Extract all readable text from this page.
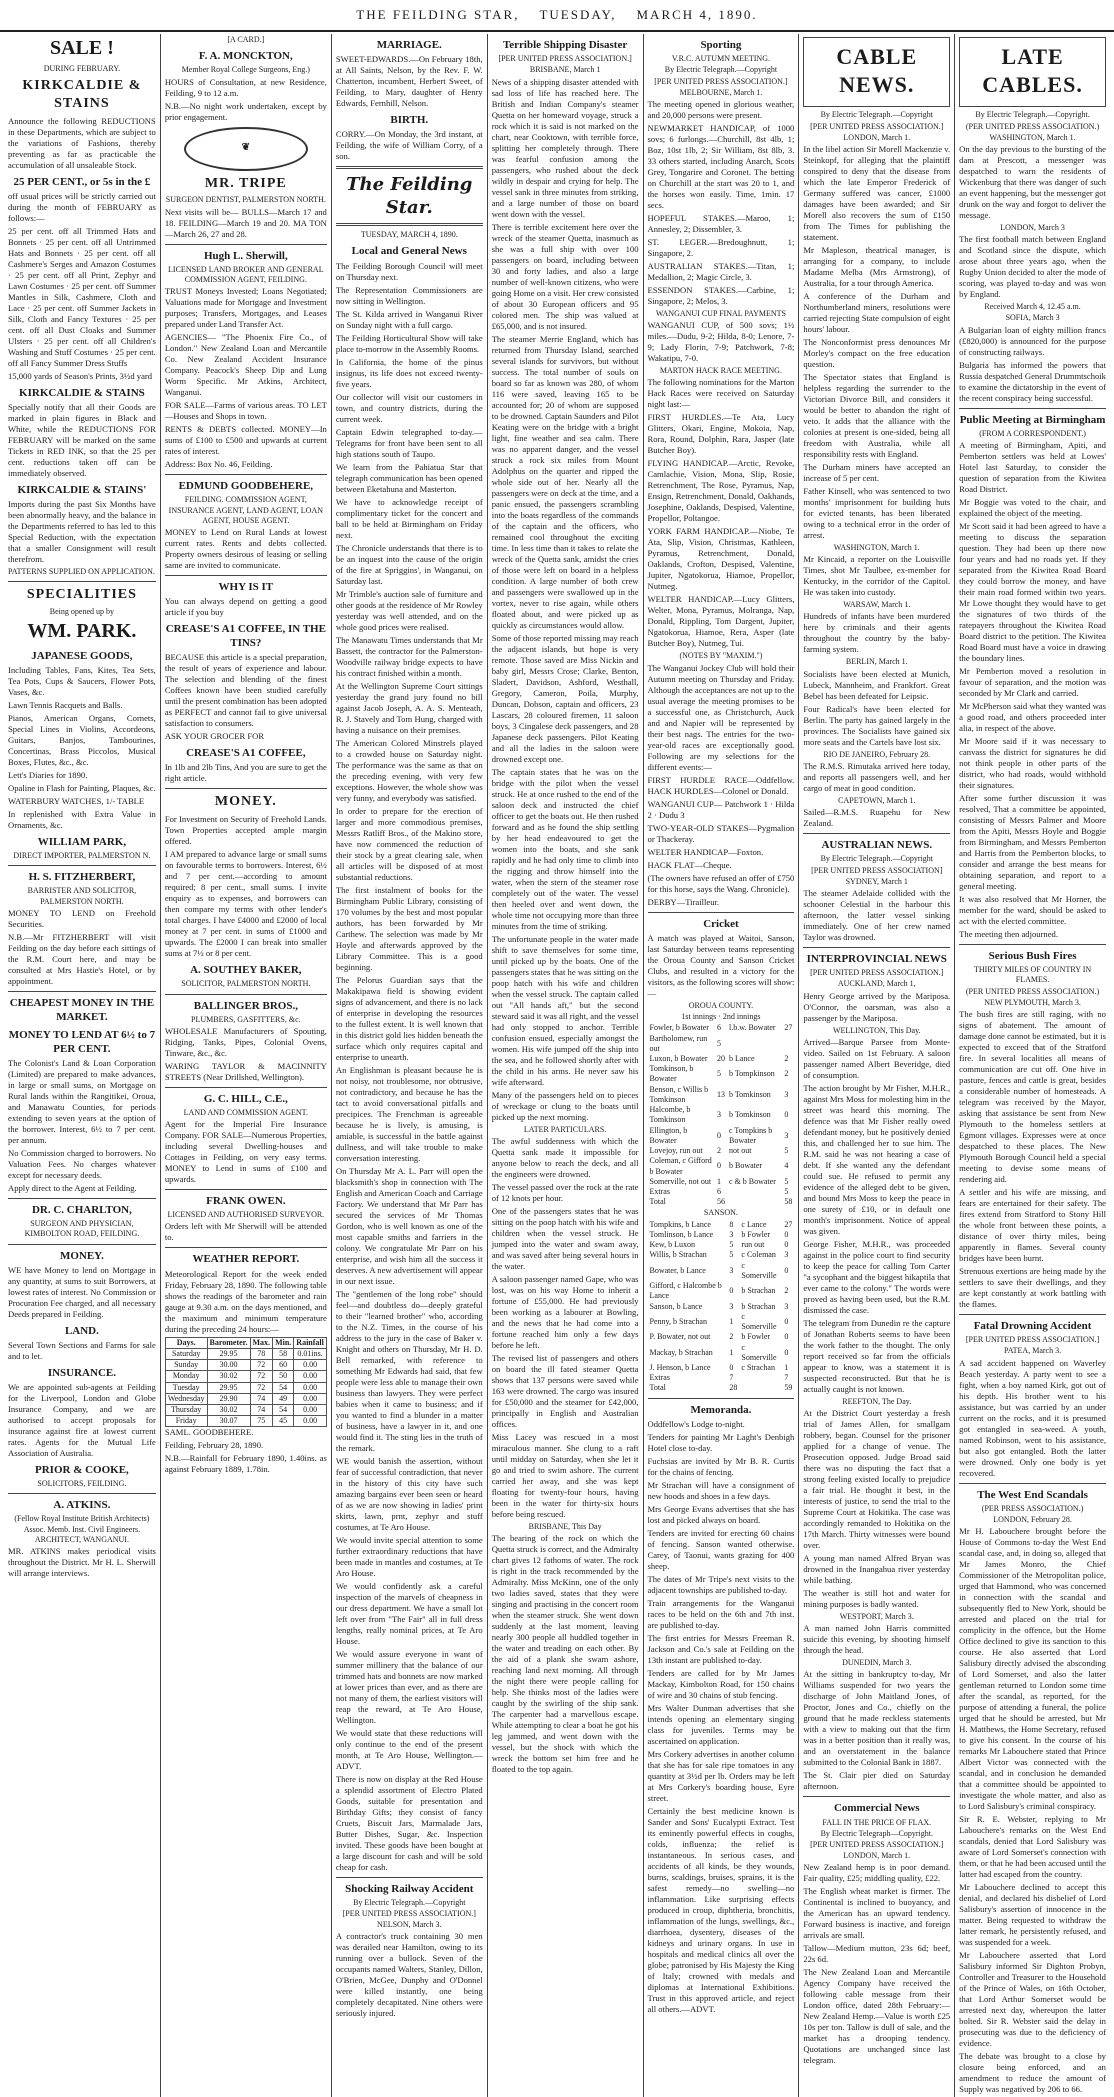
THE FEILDING STAR, TUESDAY, MARCH 4, 1890.
SALE !
DURING FEBRUARY.
KIRKCALDIE & STAINS

Announce the following REDUCTIONS in these Departments, which are subject to the variations of Fashions, thereby preventing as far as practicable the accumulation of all unsaleable Stock.

25 PER CENT., or 5s in the £

off usual prices will be strictly carried out during the month of FEBRUARY as follows:—

25 per cent. off all Trimmed Hats and Bonnets · 25 per cent. off all Untrimmed Hats and Bonnets · 25 per cent. off all Cashmere's Serges and Amazon Costumes · 25 per cent. off all Print, Zephyr and Lawn Costumes · 25 per cent. off Summer Mantles in Silk, Cashmere, Cloth and Lace · 25 per cent. off Summer Jackets in Silk, Cloth and Fancy Textures · 25 per cent. off all Dust Cloaks and Summer Ulsters · 25 per cent. off all Children's Washing and Stuff Costumes · 25 per cent. off all Fancy Summer Dress Stuffs

15,000 yards of Season's Prints, 3½d yard

KIRKCALDIE & STAINS

Specially notify that all their Goods are marked in plain figures in Black and White, while the REDUCTIONS FOR FEBRUARY will be marked on the same Tickets in RED INK, so that the 25 per cent. reductions taken off can be immediately observed.

KIRKCALDIE & STAINS'

Imports during the past Six Months have been abnormally heavy, and the balance in the Departments referred to has led to this Special Reduction, with the expectation that a smaller Consignment will result therefrom.

PATTERNS SUPPLIED ON APPLICATION.

SPECIALITIES
Being opened up by
WM. PARK.
JAPANESE GOODS,

Including Tables, Fans, Kites, Tea Sets, Tea Pots, Cups & Saucers, Flower Pots, Vases, &c.

Lawn Tennis Racquets and Balls.

Pianos, American Organs, Cornets, Special Lines in Violins, Accordeons, Guitars, Banjos, Tambourines, Concertinas, Brass Piccolos, Musical Boxes, Flutes, &c., &c.

Lett's Diaries for 1890.

Opaline in Flash for Painting, Plaques, &c.

WATERBURY WATCHES, 1/- TABLE

In replenished with Extra Value in Ornaments, &c.

WILLIAM PARK,
DIRECT IMPORTER, PALMERSTON N.
H. S. FITZHERBERT,
BARRISTER AND SOLICITOR, PALMERSTON NORTH.

MONEY TO LEND on Freehold Securities.

N.B.—Mr FITZHERBERT will visit Feilding on the day before each sittings of the R.M. Court here, and may be consulted at Mrs Hastie's Hotel, or by appointment.

CHEAPEST MONEY IN THE MARKET.
MONEY TO LEND AT 6½ to 7 PER CENT.

The Colonist's Land & Loan Corporation (Limited) are prepared to make advances, in large or small sums, on Mortgage on Rural lands within the Rangitikei, Oroua, and Manawatu Counties, for periods extending to seven years at the option of the borrower. Interest, 6½ to 7 per cent. per annum.

No Commission charged to borrowers. No Valuation Fees. No charges whatever except for necessary deeds.

Apply direct to the Agent at Feilding.

DR. C. CHARLTON,
SURGEON AND PHYSICIAN, KIMBOLTON ROAD, FEILDING.
MONEY.

WE have Money to lend on Mortgage in any quantity, at sums to suit Borrowers, at lowest rates of interest. No Commission or Procuration Fee charged, and all necessary Deeds prepared in Feilding.

LAND.

Several Town Sections and Farms for sale and to let.

INSURANCE.

We are appointed sub-agents at Feilding for the Liverpool, London and Globe Insurance Company, and we are authorised to accept proposals for insurance against fire at lowest current rates. Agents for the Mutual Life Association of Australia.

PRIOR & COOKE,
SOLICITORS, FEILDING.
A. ATKINS.
(Fellow Royal Institute British Architects) Assoc. Memb. Inst. Civil Engineers. ARCHITECT, WANGANUI.

MR. ATKINS makes periodical visits throughout the District. Mr H. L. Sherwill will arrange interviews.

[A CARD.]
F. A. MONCKTON,
Member Royal College Surgeons, Eng.)

HOURS of Consultation, at new Residence, Feilding, 9 to 12 a.m.

N.B.—No night work undertaken, except by prior engagement.

❦
MR. TRIPE
SURGEON DENTIST, PALMERSTON NORTH.

Next visits will be— BULLS—March 17 and 18. FEILDING—March 19 and 20. MA TON—March 26, 27 and 28.

Hugh L. Sherwill,
LICENSED LAND BROKER AND GENERAL COMMISSION AGENT, FEILDING.

TRUST Moneys Invested; Loans Negotiated; Valuations made for Mortgage and Investment purposes; Transfers, Mortgages, and Leases prepared under Land Transfer Act.

AGENCIES— "The Phoenix Fire Co., of London." New Zealand Loan and Mercantile Co. New Zealand Accident Insurance Company. Peacock's Sheep Dip and Lung Worm Specific. Mr Atkins, Architect, Wanganui.

FOR SALE—Farms of various areas. TO LET—Houses and Shops in town.

RENTS & DEBTS collected. MONEY—In sums of £100 to £500 and upwards at current rates of interest.

Address: Box No. 46, Feilding.

EDMUND GOODBEHERE,
FEILDING. COMMISSION AGENT, INSURANCE AGENT, LAND AGENT, LOAN AGENT, HOUSE AGENT.

MONEY to Lend on Rural Lands at lowest current rates. Rents and debts collected. Property owners desirous of leasing or selling same are invited to communicate.

WHY IS IT

You can always depend on getting a good article if you buy

CREASE'S A1 COFFEE, IN THE TINS?

BECAUSE this article is a special preparation, the result of years of experience and labour. The selection and blending of the finest Coffees known have been studied carefully until the present combination has been adopted as PERFECT and cannot fail to give universal satisfaction to consumers.

ASK YOUR GROCER FOR

CREASE'S A1 COFFEE,

In 1lb and 2lb Tins, And you are sure to get the right article.

MONEY.

For Investment on Security of Freehold Lands. Town Properties accepted ample margin offered.

I AM prepared to advance large or small sums on favourable terms to borrowers. Interest, 6½ and 7 per cent.—according to amount required; 8 per cent., small sums. I invite enquiry as to expenses, and borrowers can then compare my terms with other lender's total charges. I have £4000 and £2000 of local money at 7 per cent. in sums of £1000 and upwards. The £2000 I can break into smaller sums at 7½ or 8 per cent.

A. SOUTHEY BAKER,
SOLICITOR, PALMERSTON NORTH.
BALLINGER BROS.,
PLUMBERS, GASFITTERS, &c.

WHOLESALE Manufacturers of Spouting, Ridging, Tanks, Pipes, Colonial Ovens, Tinware, &c., &c.

WARING TAYLOR & MACINNITY STREETS (Near Drillshed, Wellington).

G. C. HILL, C.E.,
LAND AND COMMISSION AGENT.

Agent for the Imperial Fire Insurance Company. FOR SALE—Numerous Properties, including several Dwelling-houses and Cottages in Feilding, on very easy terms. MONEY to Lend in sums of £100 and upwards.

FRANK OWEN.
LICENSED AND AUTHORISED SURVEYOR.

Orders left with Mr Sherwill will be attended to.

WEATHER REPORT.

Meteorological Report for the week ended Friday, February 28, 1890. The following table shows the readings of the barometer and rain gauge at 9.30 a.m. on the days mentioned, and the maximum and minimum temperature during the preceding 24 hours:—

Days.	Barometer.	Max.	Min.	Rainfall
Saturday	29.95	78	58	0.01ins.
Sunday	30.00	72	60	0.00
Monday	30.02	72	50	0.00
Tuesday	29.95	72	54	0.00
Wednesday	29.90	74	49	0.00
Thursday	30.02	74	54	0.00
Friday	30.07	75	45	0.00

SAML. GOODBEHERE.

Feilding, February 28, 1890.

N.B.—Rainfall for February 1890, 1.40ins. as against February 1889, 1.78in.

MARRIAGE.

SWEET-EDWARDS.—On February 18th, at All Saints, Nelson, by the Rev. F. W. Chatterton, incumbent, Herbert Sweet, of Feilding, to Mary, daughter of Henry Edwards, Fernhill, Nelson.

BIRTH.

CORRY.—On Monday, the 3rd instant, at Feilding, the wife of William Corry, of a son.

The Feilding Star.
TUESDAY, MARCH 4, 1890.
Local and General News

The Feilding Borough Council will meet on Thursday next.

The Representation Commissioners are now sitting in Wellington.

The St. Kilda arrived in Wanganui River on Sunday night with a full cargo.

The Feilding Horticultural Show will take place to-morrow in the Assembly Rooms.

In California, the home of the pinus insignus, its life does not exceed twenty-five years.

Our collector will visit our customers in town, and country districts, during the current week.

Captain Edwin telegraphed to-day.—Telegrams for front have been sent to all high stations south of Taupo.

We learn from the Pahiatua Star that telegraph communication has been opened between Eketahuna and Masterton.

We have to acknowledge receipt of complimentary ticket for the concert and ball to be held at Birmingham on Friday next.

The Chronicle understands that there is to be an inquest into the cause of the origin of the fire at Spriggins', in Wanganui, on Saturday last.

Mr Trimble's auction sale of furniture and other goods at the residence of Mr Rowley yesterday was well attended, and on the whole good prices were realised.

The Manawatu Times understands that Mr Bassett, the contractor for the Palmerston-Woodville railway bridge expects to have his contract finished within a month.

At the Wellington Supreme Court sittings yesterday the grand jury found no bill against Jacob Joseph, A. A. S. Menteath, R. J. Stavely and Tom Hung, charged with having a nuisance on their premises.

The American Colored Minstrels played to a crowded house on Saturday night. The performance was the same as that on the preceding evening, with very few exceptions. However, the whole show was very funny, and everybody was satisfied.

In order to prepare for the erection of larger and more commodious premises, Messrs Ratliff Bros., of the Makino store, have now commenced the reduction of their stock by a great clearing sale, when all articles will be disposed of at most substantial reductions.

The first instalment of books for the Birmingham Public Library, consisting of 170 volumes by the best and most popular authors, has been forwarded by Mr Carthew. The selection was made by Mr Hoyle and afterwards approved by the Library Committee. This is a good beginning.

The Pelorus Guardian says that the Makakipawa field is showing evident signs of advancement, and there is no lack of enterprise in developing the resources to the fullest extent. It is well known that in this district gold lies hidden beneath the surface which only requires capital and enterprise to unearth.

An Englishman is pleasant because he is not noisy, not troublesome, nor obtrusive, not contradictory, and because he has the tact to avoid conversational pitfalls and precipices. The Frenchman is agreeable because he is lively, is amusing, is amiable, is successful in the battle against dullness, and will take trouble to make conversation interesting.

On Thursday Mr A. L. Parr will open the blacksmith's shop in connection with The English and American Coach and Carriage Factory. We understand that Mr Parr has secured the services of Mr Thomas Gordon, who is well known as one of the most capable smiths and farriers in the colony. We congratulate Mr Parr on his enterprise, and wish him all the success it deserves. A new advertisement will appear in our next issue.

The "gentlemen of the long robe" should feel—and doubtless do—deeply grateful to their "learned brother" who, according to the N.Z. Times, in the course of his address to the jury in the case of Baker v. Knight and others on Thursday, Mr H. D. Bell remarked, with reference to something Mr Edwards had said, that few people were less able to manage their own business than lawyers. They were perfect babies when it came to business; and if you wanted to find a blunder in a matter of business, have a lawyer in it, and one would find it. The sting lies in the truth of the remark.

WE would banish the assertion, without fear of successful contradiction, that never in the history of this city have such amazing bargains ever been seen or heard of as we are now showing in ladies' print skirts, lawn, prnt, zephyr and stuff costumes, at Te Aro House.

We would invite special attention to some further extraordinary reductions that have been made in mantles and costumes, at Te Aro House.

We would confidently ask a careful inspection of the marvels of cheapness in our dress department. We have a small lot left over from "The Fair" all in full dress lengths, really nominal prices, at Te Aro House.

We would assure everyone in want of summer millinery that the balance of our trimmed hats and bonnets are now marked at lower prices than ever, and as there are not many of them, the earliest visitors will reap the reward, at Te Aro House, Wellington.

We would state that these reductions will only continue to the end of the present month, at Te Aro House, Wellington.—ADVT.

There is now on display at the Red House a splendid assortment of Electro Plated Goods, suitable for presentation and Birthday Gifts; they consist of fancy Cruets, Biscuit Jars, Marmalade Jars, Butter Dishes, Sugar, &c. Inspection invited. These goods have been bought at a large discount for cash and will be sold cheap for cash.

Shocking Railway Accident
By Electric Telegraph.—Copyright
[PER UNITED PRESS ASSOCIATION.]
NELSON, March 3.

A contractor's truck containing 30 men was derailed near Hamilton, owing to its running over a bullock. Seven of the occupants named Walters, Stanley, Dillon, O'Brien, McGee, Dunphy and O'Donnel were killed instantly, one being completely decapitated. Nine others were seriously injured.

Terrible Shipping Disaster
[PER UNITED PRESS ASSOCIATION.]
BRISBANE, March 1

News of a shipping disaster attended with sad loss of life has reached here. The British and Indian Company's steamer Quetta on her homeward voyage, struck a rock which it is said is not marked on the chart, near Cooktown, with terrible force, splitting her completely through. There was fearful confusion among the passengers, who rushed about the deck wildly in despair and crying for help. The vessel sank in three minutes from striking, and a large number of those on board went down with the vessel.

There is terrible excitement here over the wreck of the steamer Quetta, inasmuch as she was a full ship with over 100 passengers on board, including between 30 and forty ladies, and also a large number of well-known citizens, who were going Home on a visit. Her crew consisted of about 30 European officers and 95 colored men. The ship was valued at £65,000, and is not insured.

The steamer Merrie England, which has returned from Thursday Island, searched several islands for survivors, but without success. The total number of souls on board so far as known was 280, of whom 116 were saved, leaving 165 to be accounted for; 20 of whom are supposed to be drowned. Captain Saunders and Pilot Keating were on the bridge with a bright light, fine weather and sea calm. There was no apparent danger, and the vessel struck a rock six miles from Mount Adolphus on the quarter and ripped the whole side out of her. Nearly all the passengers were on deck at the time, and a panic ensued, the passengers scrambling into the boats regardless of the commands of the captain and the officers, who remained cool throughout the exciting time. In less time than it takes to relate the wreck of the Quetta sank, amidst the cries of those were left on board in a helpless condition. A large number of both crew and passengers were swallowed up in the vortex, never to rise again, while others floated about, and were picked up as quickly as circumstances would allow.

Some of those reported missing may reach the adjacent islands, but hope is very remote. Those saved are Miss Nickin and baby girl, Messrs Crose; Clarke, Benton, Sladert, Davidson, Ashford, Westhall, Gregory, Cameron, Poila, Murphy, Duncan, Dobson, captain and officers, 23 Lascars, 28 coloured firemen, 11 saloon boys, 3 Cingalese deck passengers, and 28 Japanese deck passengers. Pilot Keating and all the ladies in the saloon were drowned except one.

The captain states that he was on the bridge with the pilot when the vessel struck. He at once rushed to the end of the saloon deck and instructed the chief officer to get the boats out. He then rushed forward and as he found the ship settling by her head endeavoured to get the women into the boats, and she sank rapidly and he had only time to climb into the rigging and throw himself into the water, when the stern of the steamer rose completely out of the water. The vessel then heeled over and went down, the whole time not occupying more than three minutes from the time of striking.

The unfortunate people in the water made shift to save themselves for some time, until picked up by the boats. One of the passengers states that he was sitting on the poop hatch with his wife and children when the vessel struck. The captain called out "All hands aft," but the second steward said it was all right, and the vessel had only stopped to anchor. Terrible confusion ensued, especially amongst the women. His wife jumped off the ship into the sea, and he followed shortly after with the child in his arms. He never saw his wife afterward.

Many of the passengers held on to pieces of wreckage or clung to the boats until picked up the next morning.

LATER PARTICULARS.

The awful suddenness with which the Quetta sank made it impossible for anyone below to reach the deck, and all the engineers were drowned.

The vessel passed over the rock at the rate of 12 knots per hour.

One of the passengers states that he was sitting on the poop hatch with his wife and children when the vessel struck. He jumped into the water and swam away, and was saved after being several hours in the water.

A saloon passenger named Gape, who was lost, was on his way Home to inherit a fortune of £55,000. He had previously been working as a labourer at Bowling, and the news that he had come into a fortune reached him only a few days before he left.

The revised list of passengers and others on board the ill fated steamer Quetta shows that 137 persons were saved while 163 were drowned. The cargo was insured for £50,000 and the steamer for £42,000, principally in English and Australian offices.

Miss Lacey was rescued in a most miraculous manner. She clung to a raft until midday on Saturday, when she let it go and tried to swim ashore. The current carried her away, and she was kept floating for twenty-four hours, having been in the water for thirty-six hours before being rescued.

BRISBANE, This Day

The bearing of the rock on which the Quetta struck is correct, and the Admiralty chart gives 12 fathoms of water. The rock is right in the track recommended by the Admiralty. Miss McKinn, one of the only two ladies saved, states that they were singing and practising in the concert room when the steamer struck. She went down suddenly at the last moment, leaving nearly 300 people all huddled together in the water and treading on each other. By the aid of a plank she swam ashore, reaching land next morning. All through the night there were people calling for help. She thinks most of the ladies were caught by the swirling of the ship sank. The carpenter had a marvellous escape. While attempting to clear a boat he got his leg jammed, and went down with the vessel, but the shock with which the wreck the bottom set him free and he floated to the top again.

Sporting
V.R.C. AUTUMN MEETING.
By Electric Telegraph.—Copyright
[PER UNITED PRESS ASSOCIATION.]
MELBOURNE, March 1.

The meeting opened in glorious weather, and 20,000 persons were present.

NEWMARKET HANDICAP, of 1000 sovs; 6 furlongs.—Churchill, 8st 4lb, 1; Boz, 10st 1lb, 2; Sir William, 8st 8lb, 3. 33 others started, including Anarch, Scots Grey, Tongarire and Coronet. The betting on Churchill at the start was 20 to 1, and the horses won easily. Time, 1min. 17 secs.

HOPEFUL STAKES.—Maroo, 1; Annesley, 2; Dissembler, 3.

ST. LEGER.—Bredoughnutt, 1; Singapore, 2.

AUSTRALIAN STAKES.—Titan, 1; Medallion, 2; Magic Circle, 3.

ESSENDON STAKES.—Carbine, 1; Singapore, 2; Melos, 3.

WANGANUI CUP FINAL PAYMENTS

WANGANUI CUP, of 500 sovs; 1½ miles.—Dudu, 9-2; Hilda, 8-0; Lenore, 7-9; Lady Florin, 7-9; Patchwork, 7-8; Wakatipu, 7-0.

MARTON HACK RACE MEETING.

The following nominations for the Marton Hack Races were received on Saturday night last:—

FIRST HURDLES.—Te Ata, Lucy Glitters, Okari, Engine, Mokoia, Nap, Rora, Round, Dolphin, Rara, Jasper (late Butcher Boy).

FLYING HANDICAP.—Arctic, Revoke, Camlachie, Vision, Mona, Slip, Rosie, Retrenchment, The Rose, Pyramus, Nap, Ensign, Retrenchment, Donald, Oakhands, Josephine, Oaklands, Despised, Valentine, Propellor, Poltangoe.

YORK FARM HANDICAP.—Niobe, Te Ata, Slip, Vision, Christmas, Kathleen, Pyramus, Retrenchment, Donald, Oaklands, Crofton, Despised, Valentine, Jupiter, Ngatokorua, Hiamoe, Propellor, Nutmeg.

WELTER HANDICAP.—Lucy Glitters, Welter, Mona, Pyramus, Molranga, Nap, Donald, Rippling, Tom Dargent, Jupiter, Ngatokorua, Hiamoe, Rera, Asper (late Butcher Boy), Nutmeg, Tui.

(NOTES BY "MAXIM.")

The Wanganui Jockey Club will hold their Autumn meeting on Thursday and Friday. Although the acceptances are not up to the usual average the meeting promises to be a successful one, as Christchurch, Auck and and Napier will be represented by their best nags. The entries for the two-year-old races are exceptionally good. Following are my selections for the different events:—

FIRST HURDLE RACE—Oddfellow. HACK HURDLES—Colonel or Donald.

WANGANUI CUP— Patchwork 1 · Hilda 2 · Dudu 3

TWO-YEAR-OLD STAKES—Pygmalion or Thackeray.

WELTER HANDICAP—Foxton.

HACK FLAT—Cheque.

(The owners have refused an offer of £750 for this horse, says the Wang. Chronicle).

DERBY—Tirailleur.

Cricket

A match was played at Waitoi, Sanson, last Saturday between teams representing the Oroua County and Sanson Cricket Clubs, and resulted in a victory for the visitors, as the following scores will show:—

OROUA COUNTY.
1st innings · 2nd innings
Fowler, b Bowater	6	l.b.w. Bowater	27
Bartholomew, run out	5		
Luxon, b Bowater	20	b Lance	2
Tomkinson, b Bowater	5	b Tompkinson	2
Benson, c Willis b Tomkinson	13	b Tomkinson	3
Halcombe, b Tomkinson	3	b Tomkinson	0
Ellington, b Bowater	0	c Tompkins b Bowater	3
Lovejoy, run out	2	not out	5
Coleman, c Gifford b Bowater	0	b Bowater	4
Somerville, not out	1	c & b Bowater	5
Extras	6		5
Total	56		58
SANSON.
Tompkins, b Lance	8	c Lance	27
Tomlinson, b Lance	3	b Fowler	0
Kew, b Luxon	5	run out	0
Willis, b Strachan	5	c Coleman	3
Bowater, b Lance	3	c Somerville	0
Gifford, c Halcombe b Lance	0	b Strachan	2
Sanson, b Lance	3	b Strachan	3
Penny, b Strachan	1	c Somerville	0
P. Bowater, not out	2	b Fowler	0
Mackay, b Strachan	1	c Somerville	0
J. Henson, b Lance	0	c Strachan	1
Extras	7		7
Total	28		59
Memoranda.

Oddfellow's Lodge to-night.

Tenders for painting Mr Laght's Denbigh Hotel close to-day.

Fuchsias are invited by Mr B. R. Curtis for the chains of fencing.

Mr Strachan will have a consignment of new hoods and shoes in a few days.

Mrs George Evans advertises that she has lost and picked always on board.

Tenders are invited for erecting 60 chains of fencing. Sanson wanted otherwise. Carey, of Taonui, wants grazing for 400 sheep.

The dates of Mr Tripe's next visits to the adjacent townships are published to-day.

Train arrangements for the Wanganui races to be held on the 6th and 7th inst. are published to-day.

The first entries for Messrs Freeman R. Jackson and Co.'s sale at Feilding on the 13th instant are published to-day.

Tenders are called for by Mr James Mackay, Kimbolton Road, for 150 chains of wire and 30 chains of stub fencing.

Mrs Walter Dunman advertises that she intends opening an elementary singing class for juveniles. Terms may be ascertained on application.

Mrs Corkery advertises in another column that she has for sale ripe tomatoes in any quantity at 3½d per lb. Orders may be left at Mrs Corkery's boarding house, Eyre street.

Certainly the best medicine known is Sander and Sons' Eucalypti Extract. Test its eminently powerful effects in coughs, colds, influenza; the relief is instantaneous. In serious cases, and accidents of all kinds, be they wounds, burns, scaldings, bruises, sprains, it is the safest remedy—no swelling—no inflammation. Like surprising effects produced in croup, diphtheria, bronchitis, inflammation of the lungs, swellings, &c., diarrhoea, dysentery, diseases of the kidneys and urinary organs. In use in hospitals and medical clinics all over the globe; patronised by His Majesty the King of Italy; crowned with medals and diplomas at International Exhibitions. Trust in this approved article, and reject all others.—ADVT.

CABLE NEWS.
By Electric Telegraph.—Copyright
[PER UNITED PRESS ASSOCIATION.]
LONDON, March 1.

In the libel action Sir Morell Mackenzie v. Steinkopf, for alleging that the plaintiff conspired to deny that the disease from which the late Emperor Frederick of Germany suffered was cancer, £1000 damages have been awarded; and Sir Morell also recovers the sum of £150 from The Times for publishing the statement.

Mr Mapleson, theatrical manager, is arranging for a company, to include Madame Melba (Mrs Armstrong), of Australia, for a tour through America.

A conference of the Durham and Northumberland miners, resolutions were carried rejecting State compulsion of eight hours' labour.

The Nonconformist press denounces Mr Morley's compact on the free education question.

The Spectator states that England is helpless regarding the surrender to the Victorian Divorce Bill, and considers it would be better to abandon the right of veto. It adds that the alliance with the colonies at present is one-sided, being all freedom with Australia, while all responsibility rests with England.

The Durham miners have accepted an increase of 5 per cent.

Father Kinsell, who was sentenced to two months' imprisonment for building huts for evicted tenants, has been liberated owing to a technical error in the order of arrest.

WASHINGTON, March 1.

Mr Kincaid, a reporter on the Louisville Times, shot Mr Taulbee, ex-member for Kentucky, in the corridor of the Capitol. He was taken into custody.

WARSAW, March 1.

Hundreds of infants have been murdered here by criminals and their agents throughout the country by the baby-farming system.

BERLIN, March 1.

Socialists have been elected at Munich, Lubeck, Mannheim, and Frankfort. Great Bebel has been defeated for Leipsic.

Four Radical's have been elected for Berlin. The party has gained largely in the provinces. The Socialists have gained six more seats and the Cartels have lost six.

RIO DE JANEIRO, February 28.

The R.M.S. Rimutaka arrived here today, and reports all passengers well, and her cargo of meat in good condition.

CAPETOWN, March 1.

Sailed—R.M.S. Ruapehu for New Zealand.

AUSTRALIAN NEWS.
By Electric Telegraph.—Copyright
[PER UNITED PRESS ASSOCIATION]
SYDNEY, March 1

The steamer Adelaide collided with the schooner Celestial in the harbour this afternoon, the latter vessel sinking immediately. One of her crew named Taylor was drowned.

INTERPROVINCIAL NEWS
[PER UNITED PRESS ASSOCIATION.]
AUCKLAND, March 1,

Henry George arrived by the Mariposa. O'Connor, the oarsman, was also a passenger by the Mariposa.

WELLINGTON, This Day.

Arrived—Barque Parsee from Monte-video. Sailed on 1st February. A saloon passenger named Albert Beveridge, died of consumption.

The action brought by Mr Fisher, M.H.R., against Mrs Moss for molesting him in the street was heard this morning. The defence was that Mr Fisher really owed defendant money, but he positively denied this, and challenged her to sue him. The R.M. said he was not hearing a case of debt. If she wanted any the defendant could sue. He refused to permit any evidence of the alleged debt to be given, and bound Mrs Moss to keep the peace in one surety of £10, or in default one month's imprisonment. Notice of appeal was given.

George Fisher, M.H.R., was proceeded against in the police court to find security to keep the peace for calling Tom Carter "a sycophant and the biggest hikaptila that ever came to the colony." The words were proved as having been used, but the R.M. dismissed the case.

The telegram from Dunedin re the capture of Jonathan Roberts seems to have been the work father to the thought. The only report received so far from the officials appear to know, was a statement it is suspected reconstructed. But that he is actually caught is not known.

REEFTON, The Day.

At the District Court yesterday a fresh trial of James Allen, for smallgam robbery, began. Counsel for the prisoner applied for a change of venue. The Prosecution opposed. Judge Broad said there was no disputing the fact that a strong feeling existed locally to prejudice a fair trial. He thought it best, in the interests of justice, to send the trial to the Supreme Court at Hokitika. The case was accordingly remanded to Hokitika on the 17th March. Thirty witnesses were bound over.

A young man named Alfred Bryan was drowned in the Inangahua river yesterday while bathing.

The weather is still hot and water for mining purposes is badly wanted.

WESTPORT, March 3.

A man named John Harris committed suicide this evening, by shooting himself through the head.

DUNEDIN, March 3.

At the sitting in bankruptcy to-day, Mr Williams suspended for two years the discharge of John Maitland Jones, of Proctor, Jones and Co., chiefly on the ground that he made reckless statements with a view to making out that the firm was in a better position than it really was, and an overstatement in the balance submitted to the Colonial Bank in 1887.

The St. Clair pier died on Saturday afternoon.

Commercial News
FALL IN THE PRICE OF FLAX.
By Electric Telegraph—Copyright.
[PER UNITED PRESS ASSOCIATION.]
LONDON, March 1.

New Zealand hemp is in poor demand. Fair quality, £25; middling quality, £22.

The English wheat market is firmer. The Continental is inclined to buoyancy, and the American has an upward tendency. Forward business is inactive, and foreign arrivals are small.

Tallow—Medium mutton, 23s 6d; beef, 22s 6d.

The New Zealand Loan and Mercantile Agency Company have received the following cable message from their London office, dated 28th February:—New Zealand Hemp.—Value is worth £25 10s per ton. Tallow is dull of sale, and the market has a drooping tendency. Quotations are unchanged since last telegram.

LATE CABLES.
By Electric Telegraph.—Copyright.
(PER UNITED PRESS ASSOCIATION.)
WASHINGTON, March 1.

On the day previous to the bursting of the dam at Prescott, a messenger was despatched to warn the residents of Wickenburg that there was danger of such an event happening, but the messenger got drunk on the way and forgot to deliver the message.

LONDON, March 3

The first football match between England and Scotland since the dispute, which arose about three years ago, when the Rugby Union decided to alter the mode of scoring, was played to-day and was won by England.

Received March 4, 12.45 a.m.
SOFIA, March 3

A Bulgarian loan of eighty million francs (£820,000) is announced for the purpose of constructing railways.

Bulgaria has informed the powers that Russia despatched General Drummtschoik to examine the dictatorship in the event of the recent conspiracy being successful.

Public Meeting at Birmingham
(FROM A CORRESPONDENT.)

A meeting of Birmingham, Apiti, and Pemberton settlers was held at Lowes' Hotel last Saturday, to consider the question of separation from the Kiwitea Road District.

Mr Boggie was voted to the chair, and explained the object of the meeting.

Mr Scott said it had been agreed to have a meeting to discuss the separation question. They had been up there now four years and had no roads yet. If they separated from the Kiwitea Road Board they could borrow the money, and have their main road formed within two years. Mr Lowe thought they would have to get the signatures of two thirds of the ratepayers throughout the Kiwitea Road Board district to the petition. The Kiwitea Road Board must have a voice in drawing the boundary lines.

Mr Pemberton moved a resolution in favour of separation, and the motion was seconded by Mr Clark and carried.

Mr McPherson said what they wanted was a good road, and others proceeded inter alia, in respect of the above.

Mr Moore said if it was necessary to canvass the district for signatures he did not think people in other parts of the district, who had roads, would withhold their signatures.

After some further discussion it was resolved, That a committee be appointed, consisting of Messrs Palmer and Moore from the Apiti, Messrs Hoyle and Boggie from Birmingham, and Messrs Pemberton and Harris from the Pemberton blocks, to consider and arrange the best means for obtaining separation, and report to a general meeting.

It was also resolved that Mr Horner, the member for the ward, should be asked to act with the elected committee.

The meeting then adjourned.

Serious Bush Fires
THIRTY MILES OF COUNTRY IN FLAMES.
(PER UNITED PRESS ASSOCIATION.)
NEW PLYMOUTH, March 3.

The bush fires are still raging, with no signs of abatement. The amount of damage done cannot be estimated, but it is expected to exceed that of the Stratford fire. In several localities all means of communication are cut off. One hive in pasture, fences and cattle is great, besides a considerable number of homesteads. A telegram was received by the Mayor, asking that assistance be sent from New Plymouth to the homeless settlers at Egmont villages. Expresses were at once despatched to these places. The New Plymouth Borough Council held a special meeting to devise some means of rendering aid.

A settler and his wife are missing, and fears are entertained for their safety. The fires extend from Stratford to Stony Hill the whole front between these points, a distance of over thirty miles, being apparently in flames. Several county bridges have been burnt.

Strenuous exertions are being made by the settlers to save their dwellings, and they are kept constantly at work battling with the flames.

Fatal Drowning Accident
[PER UNITED PRESS ASSOCIATION.]
PATEA, March 3.

A sad accident happened on Waverley Beach yesterday. A party went to see a fight, when a boy named Kirk, got out of his depth. His brother went to his assistance, but was carried by an under current on the rocks, and it is presumed got entangled in sea-weed. A youth, named Robinson, went to his assistance, but also got entangled. Both the latter were drowned. Only one body is yet recovered.

The West End Scandals
(PER PRESS ASSOCIATION.)
LONDON, February 28.

Mr H. Labouchere brought before the House of Commons to-day the West End scandal case, and, in doing so, alleged that Mr James Monro, the Chief Commissioner of the Metropolitan police, urged that Hammond, who was concerned in connection with the scandal and subsequently fled to New York, should be arrested and placed on the trial for complicity in the offence, but the Home Office declined to give its sanction to this course. He also asserted that Lord Salisbury directly advised the absconding of Lord Somerset, and also the latter gentleman returned to London some time after the scandal, as reported, for the purpose of attending a funeral, the police urged that he should be arrested, but Mr H. Matthews, the Home Secretary, refused to give his consent. In the course of his remarks Mr Labouchere stated that Prince Albert Victor was connected with the scandal, and in conclusion he demanded that a committee should be appointed to investigate the whole matter, and also as to Lord Salisbury's criminal conspiracy.

Sir R. E. Webster, replying to Mr Labouchere's remarks on the West End scandals, denied that Lord Salisbury was aware of Lord Somerset's connection with them, or that he had been accused until the latter had escaped from the country.

Mr Labouchere declined to accept this denial, and declared his disbelief of Lord Salisbury's assertion of innocence in the matter. Being requested to withdraw the latter remark, he persistently refused, and was suspended for a week.

Mr Labouchere asserted that Lord Salisbury informed Sir Dighton Probyn, Controller and Treasurer to the Household of the Prince of Wales, on 16th October, that Lord Arthur Somerset would be arrested next day, whereupon the latter bolted. Sir R. Webster said the delay in prosecuting was due to the deficiency of evidence.

The debate was brought to a close by closure being enforced, and an amendment to reduce the amount of Supply was negatived by 206 to 66.
